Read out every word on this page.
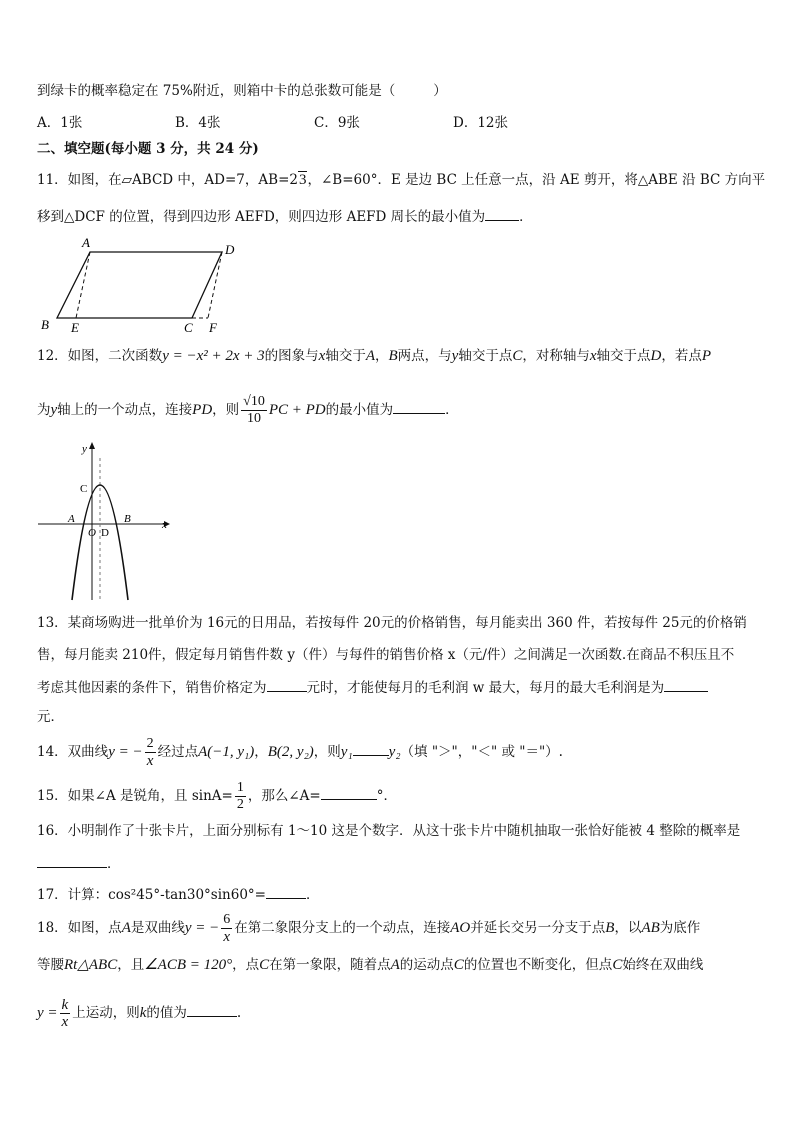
到绿卡的概率稳定在 75%附近，则箱中卡的总张数可能是（	）
A．1张	B．4张	C．9张	D．12张
二、填空题(每小题 3 分，共 24 分)
11．如图，在▱ABCD 中，AD=7，AB=23，∠B=60°．E 是边 BC 上任意一点，沿 AE 剪开，将△ABE 沿 BC 方向平
移到△DCF 的位置，得到四边形 AEFD，则四边形 AEFD 周长的最小值为	．
A	D
B E	C F
12．如图，二次函数y = −x² + 2x + 3的图象与x轴交于A，B两点，与y轴交于点C，对称轴与x轴交于点D，若点P
为y轴上的一个动点，连接PD，则 $\frac{√10}{10}$ PC + PD的最小值为	．
y
x
C
A	B
O D
13．某商场购进一批单价为 16元的日用品，若按每件 20元的价格销售，每月能卖出 360 件，若按每件 25元的价格销
售，每月能卖 210件，假定每月销售件数 y（件）与每件的销售价格 x（元/件）之间满足一次函数.在商品不积压且不
考虑其他因素的条件下，销售价格定为	元时，才能使每月的毛利润 w 最大，每月的最大毛利润是为
元．
14．双曲线y = − $\frac{2}{x}$ 经过点A(−1, y₁)，B(2, y₂)，则y₁ y₂（填 "＞"，"＜" 或 "＝"）.
15．如果∠A 是锐角，且 $\sin A= \frac{1}{2}$ ，那么∠A=	°．
16．小明制作了十张卡片，上面分别标有 1～10 这是个数字．从这十张卡片中随机抽取一张恰好能被 4 整除的概率是
．
17．计算：cos²45°-tan30°sin60°=	．
18．如图，点A是双曲线y = − $\frac{6}{x}$ 在第二象限分支上的一个动点，连接AO并延长交另一分支于点B，以AB为底作
等腰Rt△ABC，且∠ACB = 120°，点C在第一象限，随着点A的运动点C的位置也不断变化，但点C始终在双曲线
$y = \frac{k}{x}$ 上运动，则k的值为	.
